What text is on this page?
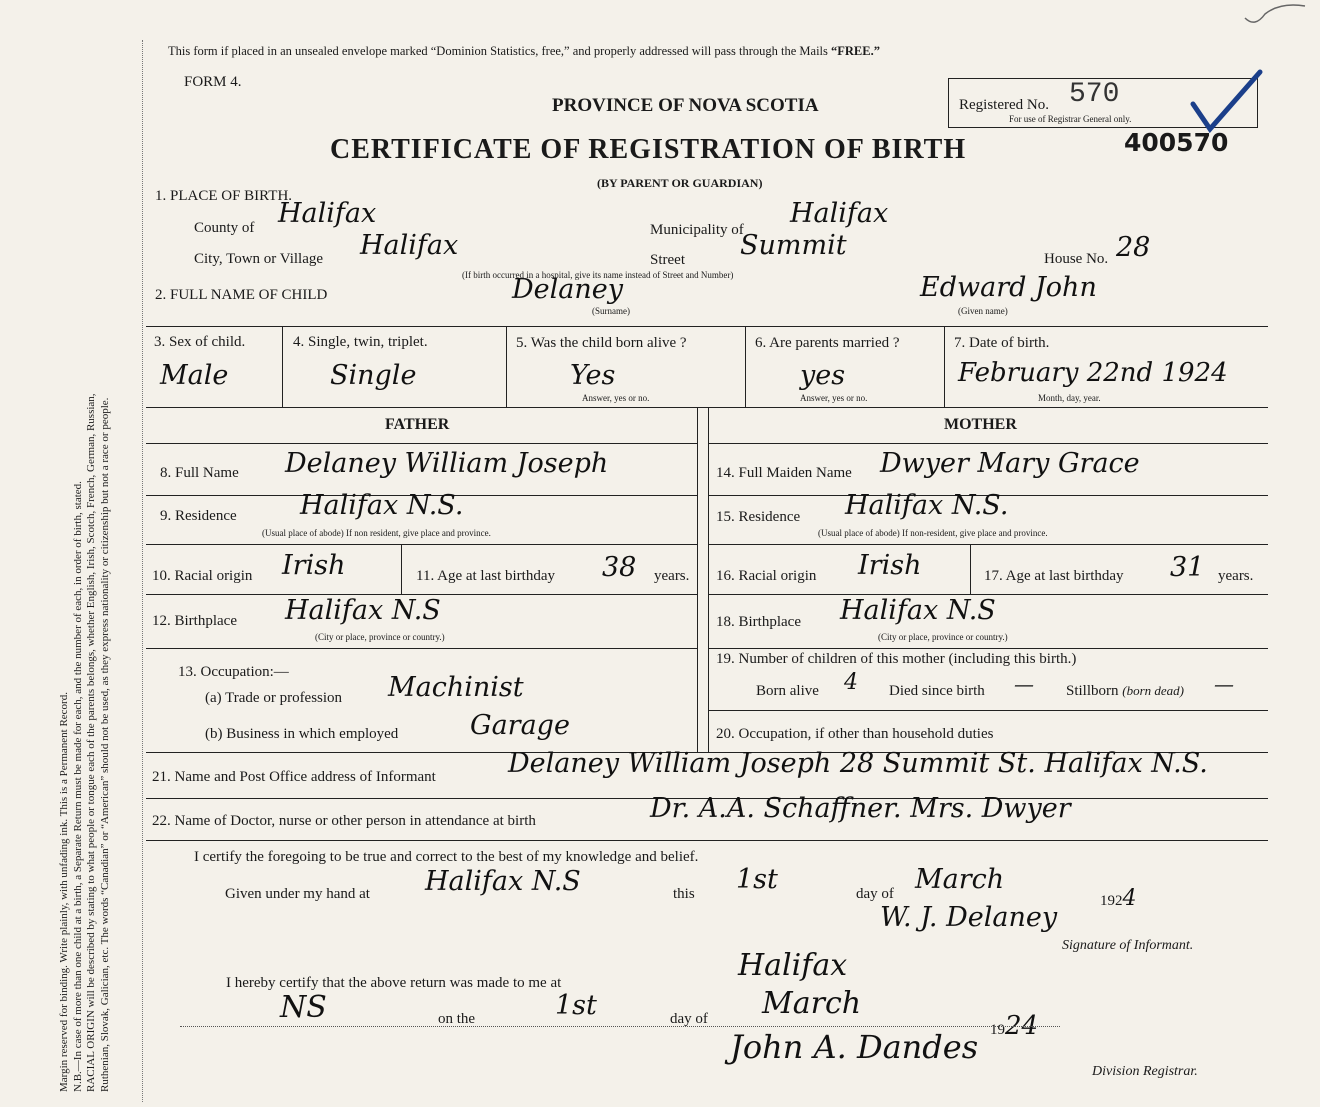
Margin reserved for binding. Write plainly, with unfading ink. This is a Permanent Record. N.B.—In case of more than one child at a birth, a Separate Return must be made for each, and the number of each, in order of birth, stated. RACIAL ORIGIN will be described by stating to what people or tongue each of the parents belongs, whether English, Irish, Scotch, French, German, Russian, Ruthenian, Slovak, Galician, etc. The words “Canadian” or “American” should not be used, as they express nationality or citizenship but not a race or people.
This form if placed in an unsealed envelope marked “Dominion Statistics, free,” and properly addressed will pass through the Mails “FREE.”
FORM 4.
PROVINCE OF NOVA SCOTIA
CERTIFICATE OF REGISTRATION OF BIRTH
(BY PARENT OR GUARDIAN)
Registered No. 570
For use of Registrar General only.
400570
1. PLACE OF BIRTH.
County of Halifax
Municipality of
Halifax
City, Town or Village Halifax	Street Summit	House No. 28
(If birth occurred in a hospital, give its name instead of Street and Number)
2. FULL NAME OF CHILD	Delaney
(Surname)
Edward John
(Given name)
3. Sex of child.
Male
4. Single, twin, triplet.
Single
5. Was the child born alive ?
Yes
Answer, yes or no.
6. Are parents married ?
yes
Answer, yes or no.
7. Date of birth.
February 22nd 1924
Month, day, year.
FATHER	MOTHER
8. Full Name Delaney William Joseph
9. Residence Halifax N.S.
(Usual place of abode) If non resident, give place and province.
10. Racial origin Irish	11. Age at last birthday 38 years.
12. Birthplace Halifax N.S
(City or place, province or country.)
13. Occupation:—
(a) Trade or profession Machinist
(b) Business in which employed	Garage
14. Full Maiden Name Dwyer Mary Grace
15. Residence Halifax N.S.
(Usual place of abode) If non-resident, give place and province.
16. Racial origin Irish	17. Age at last birthday 31 years.
18. Birthplace Halifax N.S
(City or place, province or country.)
19. Number of children of this mother (including this birth.)
Born alive 4 Died since birth — Stillborn (born dead) —
20. Occupation, if other than household duties
21. Name and Post Office address of Informant	Delaney William Joseph 28 Summit St. Halifax N.S.
22. Name of Doctor, nurse or other person in attendance at birth	Dr. A.A. Schaffner. Mrs. Dwyer
I certify the foregoing to be true and correct to the best of my knowledge and belief.
Given under my hand at Halifax N.S	this 1st	day of March
1924
W. J. Delaney
Signature of Informant.
I hereby certify that the above return was made to me at	Halifax
NS	on the	1st	day of March
1924
John A. Dandes
Division Registrar.
